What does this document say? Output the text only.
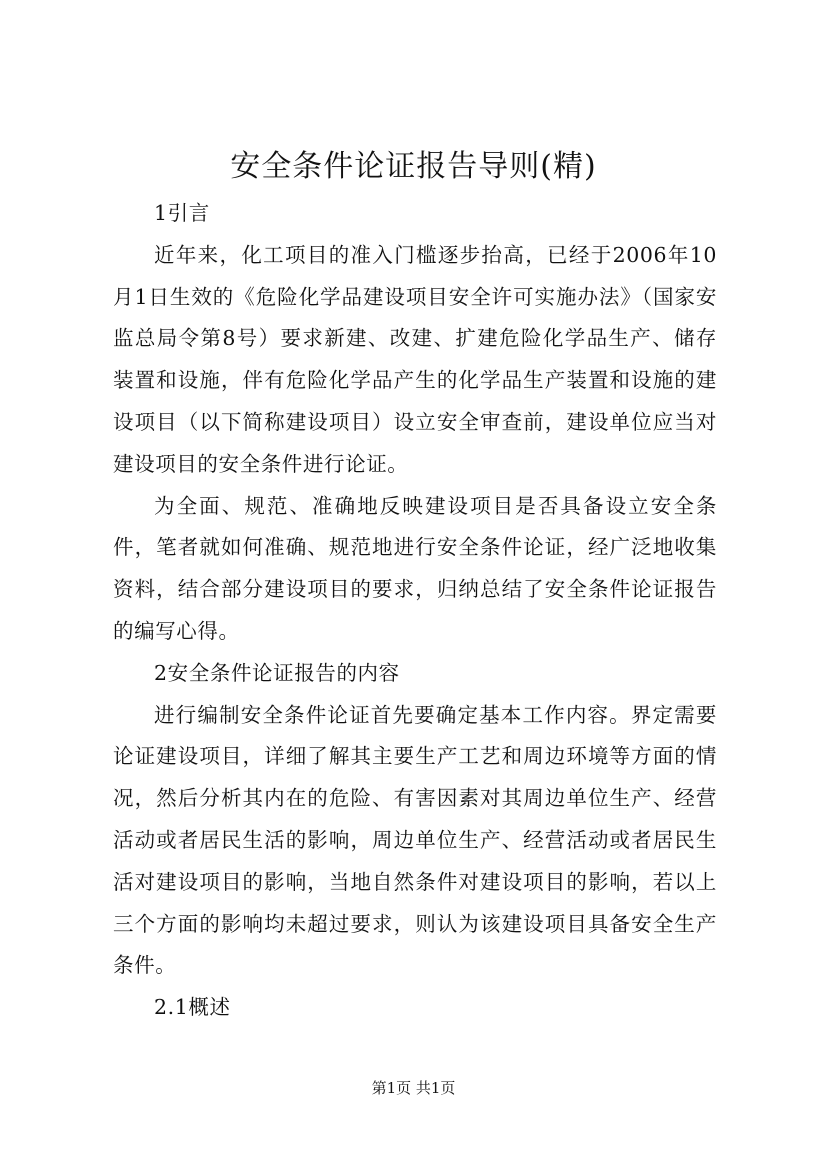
安全条件论证报告导则(精)

1引言

近年来，化工项目的准入门槛逐步抬高，已经于2006年10月1日生效的《危险化学品建设项目安全许可实施办法》（国家安监总局令第8号）要求新建、改建、扩建危险化学品生产、储存装置和设施，伴有危险化学品产生的化学品生产装置和设施的建设项目（以下简称建设项目）设立安全审查前，建设单位应当对建设项目的安全条件进行论证。

为全面、规范、准确地反映建设项目是否具备设立安全条件，笔者就如何准确、规范地进行安全条件论证，经广泛地收集资料，结合部分建设项目的要求，归纳总结了安全条件论证报告的编写心得。

2安全条件论证报告的内容

进行编制安全条件论证首先要确定基本工作内容。界定需要论证建设项目，详细了解其主要生产工艺和周边环境等方面的情况，然后分析其内在的危险、有害因素对其周边单位生产、经营活动或者居民生活的影响，周边单位生产、经营活动或者居民生活对建设项目的影响，当地自然条件对建设项目的影响，若以上三个方面的影响均未超过要求，则认为该建设项目具备安全生产条件。

2.1概述

第1页 共1页
